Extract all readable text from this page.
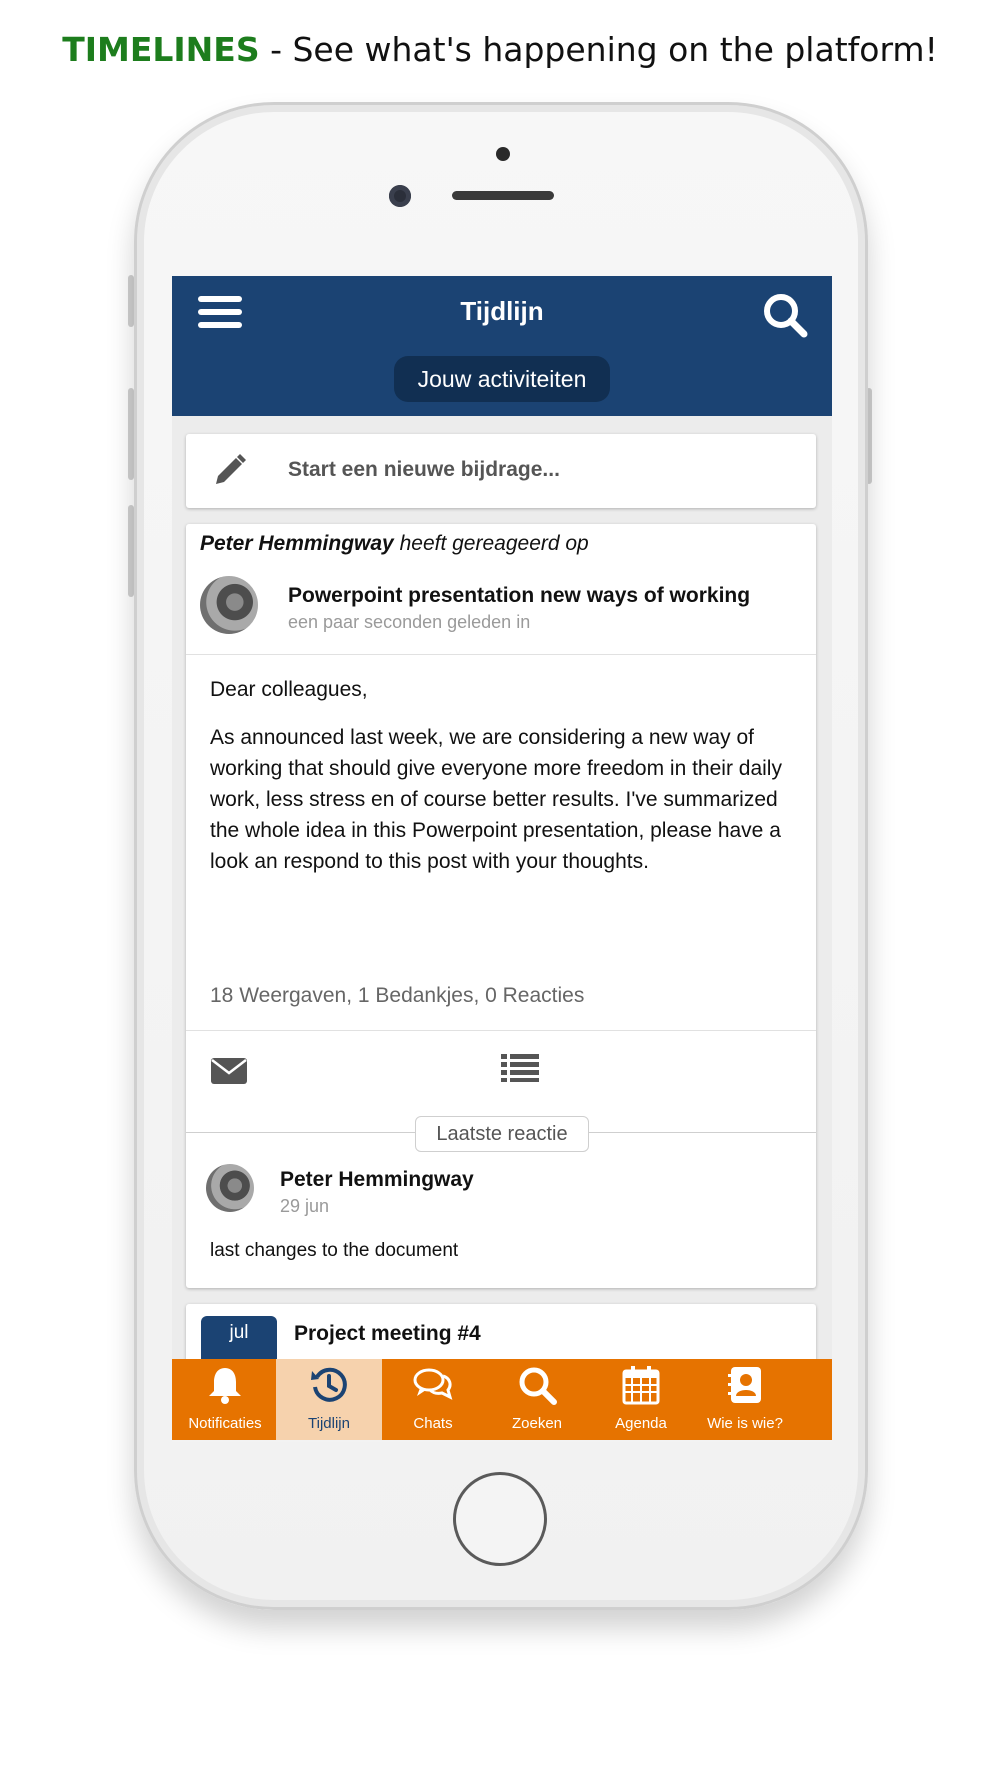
TIMELINES - See what's happening on the platform!
Tijdlijn
Jouw activiteiten
Start een nieuwe bijdrage...
Peter Hemmingway heeft gereageerd op
Powerpoint presentation new ways of working
een paar seconden geleden in
Dear colleagues,
As announced last week, we are considering a new way of working that should give everyone more freedom in their daily work, less stress en of course better results. I've summarized the whole idea in this Powerpoint presentation, please have a look an respond to this post with your thoughts.
18 Weergaven, 1 Bedankjes, 0 Reacties
Laatste reactie
Peter Hemmingway
29 jun
last changes to the document
jul	Project meeting #4
Notificaties	Tijdlijn	Chats	Zoeken	Agenda	Wie is wie?
